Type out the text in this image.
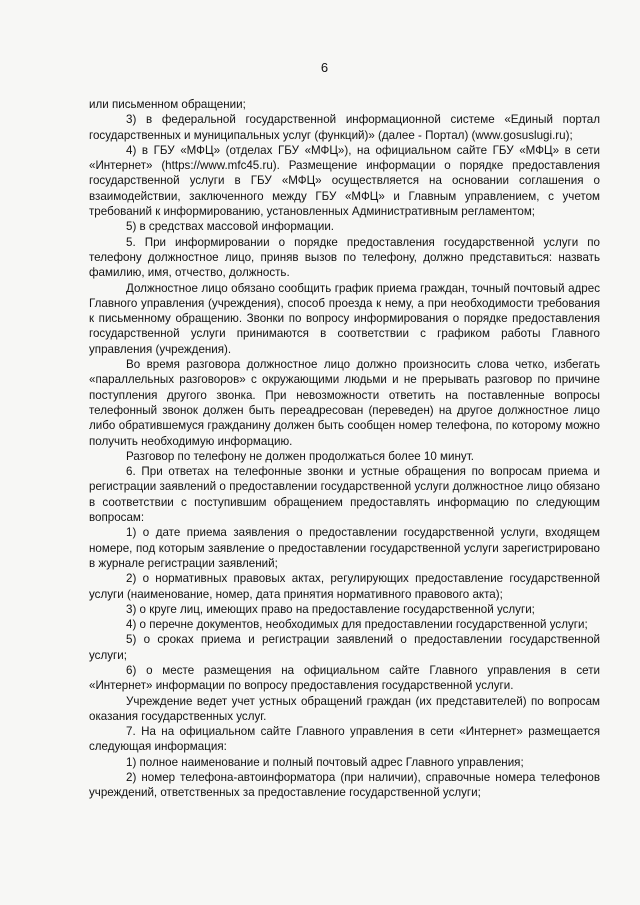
6

или письменном обращении;

3) в федеральной государственной информационной системе «Единый портал государственных и муниципальных услуг (функций)» (далее - Портал) (www.gosuslugi.ru);

4) в ГБУ «МФЦ» (отделах ГБУ «МФЦ»), на официальном сайте ГБУ «МФЦ» в сети «Интернет» (https://www.mfc45.ru). Размещение информации о порядке предоставления государственной услуги в ГБУ «МФЦ» осуществляется на основании соглашения о взаимодействии, заключенного между ГБУ «МФЦ» и Главным управлением, с учетом требований к информированию, установленных Административным регламентом;

5) в средствах массовой информации.

5. При информировании о порядке предоставления государственной услуги по телефону должностное лицо, приняв вызов по телефону, должно представиться: назвать фамилию, имя, отчество, должность.

Должностное лицо обязано сообщить график приема граждан, точный почтовый адрес Главного управления (учреждения), способ проезда к нему, а при необходимости требования к письменному обращению. Звонки по вопросу информирования о порядке предоставления государственной услуги принимаются в соответствии с графиком работы Главного управления (учреждения).

Во время разговора должностное лицо должно произносить слова четко, избегать «параллельных разговоров» с окружающими людьми и не прерывать разговор по причине поступления другого звонка. При невозможности ответить на поставленные вопросы телефонный звонок должен быть переадресован (переведен) на другое должностное лицо либо обратившемуся гражданину должен быть сообщен номер телефона, по которому можно получить необходимую информацию.

Разговор по телефону не должен продолжаться более 10 минут.

6. При ответах на телефонные звонки и устные обращения по вопросам приема и регистрации заявлений о предоставлении государственной услуги должностное лицо обязано в соответствии с поступившим обращением предоставлять информацию по следующим вопросам:

1) о дате приема заявления о предоставлении государственной услуги, входящем номере, под которым заявление о предоставлении государственной услуги зарегистрировано в журнале регистрации заявлений;

2) о нормативных правовых актах, регулирующих предоставление государственной услуги (наименование, номер, дата принятия нормативного правового акта);

3) о круге лиц, имеющих право на предоставление государственной услуги;

4) о перечне документов, необходимых для предоставлении государственной услуги;

5) о сроках приема и регистрации заявлений о предоставлении государственной услуги;

6) о месте размещения на официальном сайте Главного управления в сети «Интернет» информации по вопросу предоставления государственной услуги.

Учреждение ведет учет устных обращений граждан (их представителей) по вопросам оказания государственных услуг.

7. На на официальном сайте Главного управления в сети «Интернет» размещается следующая информация:

1) полное наименование и полный почтовый адрес Главного управления;

2) номер телефона-автоинформатора (при наличии), справочные номера телефонов учреждений, ответственных за предоставление государственной услуги;
